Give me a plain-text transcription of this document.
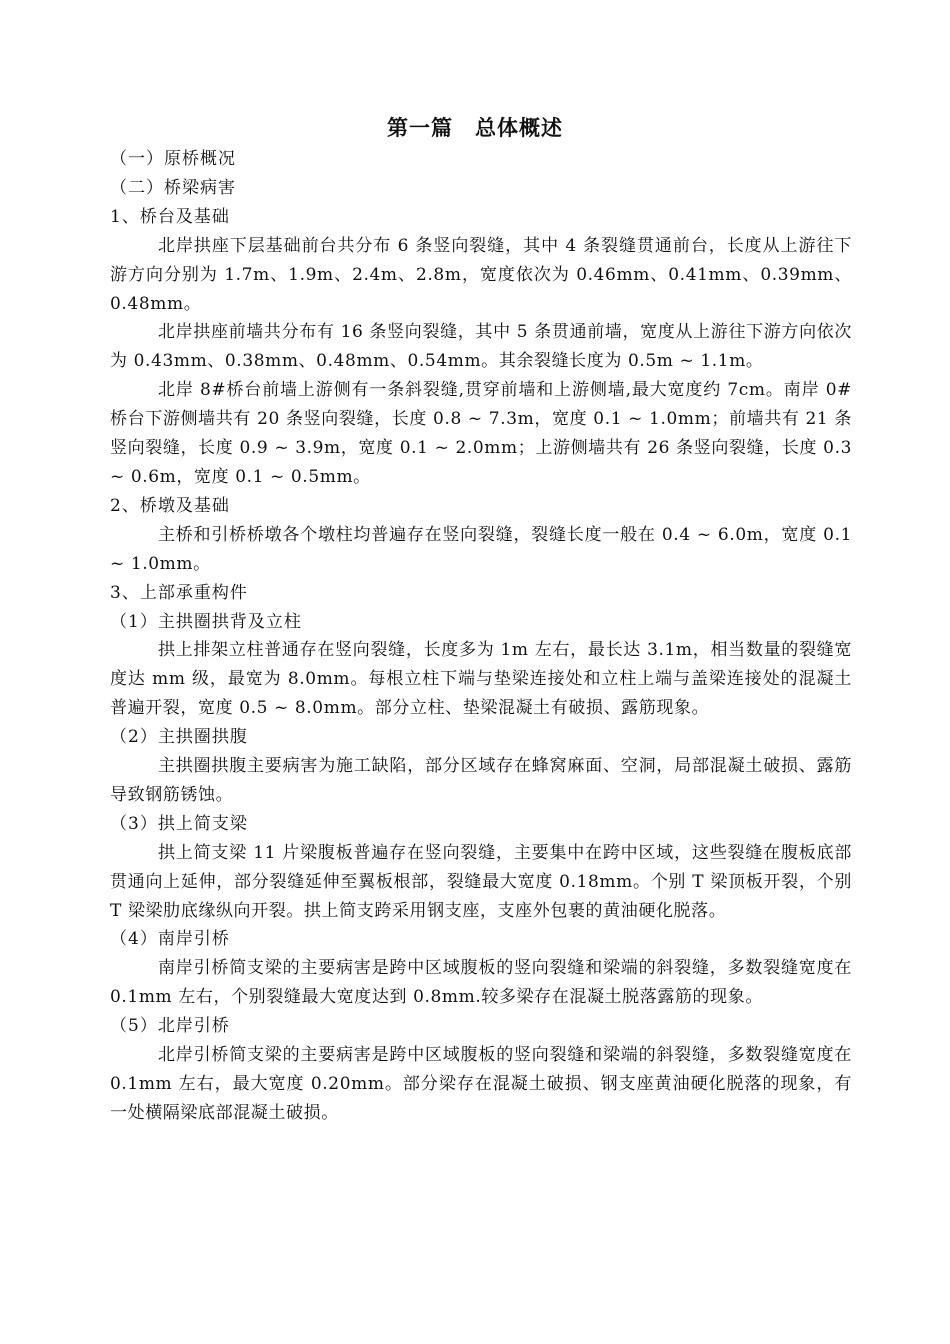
第一篇　总体概述
（一）原桥概况
（二）桥梁病害
1、桥台及基础
北岸拱座下层基础前台共分布 6 条竖向裂缝，其中 4 条裂缝贯通前台，长度从上游往下游方向分别为 1.7m、1.9m、2.4m、2.8m，宽度依次为 0.46mm、0.41mm、0.39mm、0.48mm。
北岸拱座前墙共分布有 16 条竖向裂缝，其中 5 条贯通前墙，宽度从上游往下游方向依次为 0.43mm、0.38mm、0.48mm、0.54mm。其余裂缝长度为 0.5m ~ 1.1m。
北岸 8#桥台前墙上游侧有一条斜裂缝,贯穿前墙和上游侧墙,最大宽度约 7cm。南岸 0#桥台下游侧墙共有 20 条竖向裂缝，长度 0.8 ~ 7.3m，宽度 0.1 ~ 1.0mm；前墙共有 21 条竖向裂缝，长度 0.9 ~ 3.9m，宽度 0.1 ~ 2.0mm；上游侧墙共有 26 条竖向裂缝，长度 0.3 ~ 0.6m，宽度 0.1 ~ 0.5mm。
2、桥墩及基础
主桥和引桥桥墩各个墩柱均普遍存在竖向裂缝，裂缝长度一般在 0.4 ~ 6.0m，宽度 0.1 ~ 1.0mm。
3、上部承重构件
（1）主拱圈拱背及立柱
拱上排架立柱普通存在竖向裂缝，长度多为 1m 左右，最长达 3.1m，相当数量的裂缝宽度达 mm 级，最宽为 8.0mm。每根立柱下端与垫梁连接处和立柱上端与盖梁连接处的混凝土普遍开裂，宽度 0.5 ~ 8.0mm。部分立柱、垫梁混凝土有破损、露筋现象。
（2）主拱圈拱腹
主拱圈拱腹主要病害为施工缺陷，部分区域存在蜂窝麻面、空洞，局部混凝土破损、露筋导致钢筋锈蚀。
（3）拱上简支梁
拱上简支梁 11 片梁腹板普遍存在竖向裂缝，主要集中在跨中区域，这些裂缝在腹板底部贯通向上延伸，部分裂缝延伸至翼板根部，裂缝最大宽度 0.18mm。个别 T 梁顶板开裂，个别 T 梁梁肋底缘纵向开裂。拱上简支跨采用钢支座，支座外包裹的黄油硬化脱落。
（4）南岸引桥
南岸引桥简支梁的主要病害是跨中区域腹板的竖向裂缝和梁端的斜裂缝，多数裂缝宽度在 0.1mm 左右，个别裂缝最大宽度达到 0.8mm.较多梁存在混凝土脱落露筋的现象。
（5）北岸引桥
北岸引桥简支梁的主要病害是跨中区域腹板的竖向裂缝和梁端的斜裂缝，多数裂缝宽度在 0.1mm 左右，最大宽度 0.20mm。部分梁存在混凝土破损、钢支座黄油硬化脱落的现象，有一处横隔梁底部混凝土破损。
